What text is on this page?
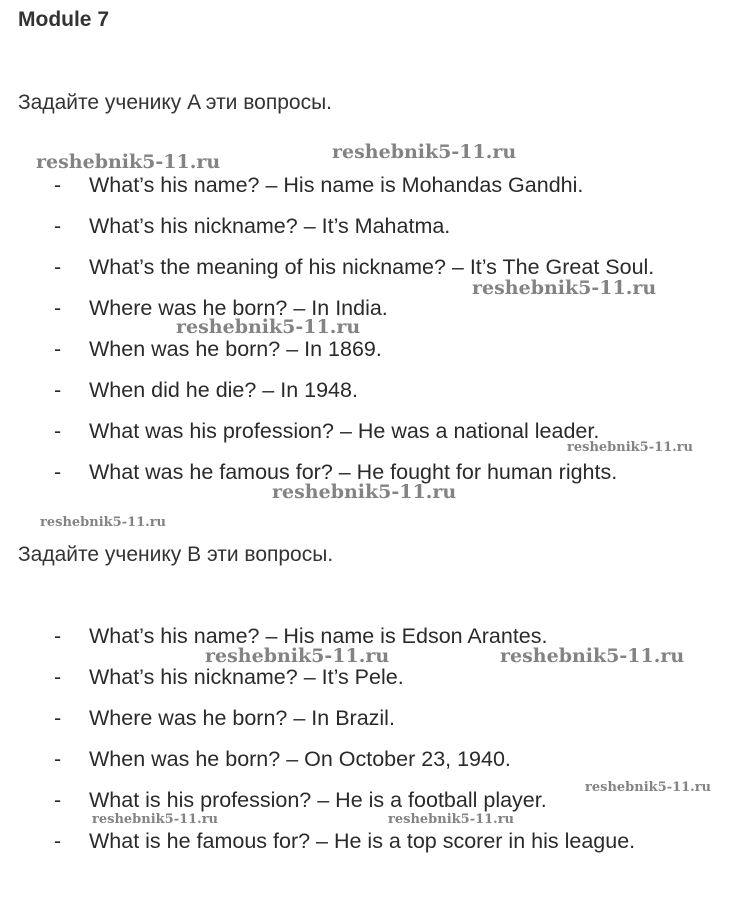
Module 7
Задайте ученику A эти вопросы.
- What’s his name? – His name is Mohandas Gandhi.
- What’s his nickname? – It’s Mahatma.
- What’s the meaning of his nickname? – It’s The Great Soul.
- Where was he born? – In India.
- When was he born? – In 1869.
- When did he die? – In 1948.
- What was his profession? – He was a national leader.
- What was he famous for? – He fought for human rights.
Задайте ученику B эти вопросы.
- What’s his name? – His name is Edson Arantes.
- What’s his nickname? – It’s Pele.
- Where was he born? – In Brazil.
- When was he born? – On October 23, 1940.
- What is his profession? – He is a football player.
- What is he famous for? – He is a top scorer in his league.
reshebnik5-11.ru	reshebnik5-11.ru
reshebnik5-11.ru
reshebnik5-11.ru
reshebnik5-11.ru
reshebnik5-11.ru
reshebnik5-11.ru
reshebnik5-11.ru	reshebnik5-11.ru
reshebnik5-11.ru
reshebnik5-11.ru	reshebnik5-11.ru
